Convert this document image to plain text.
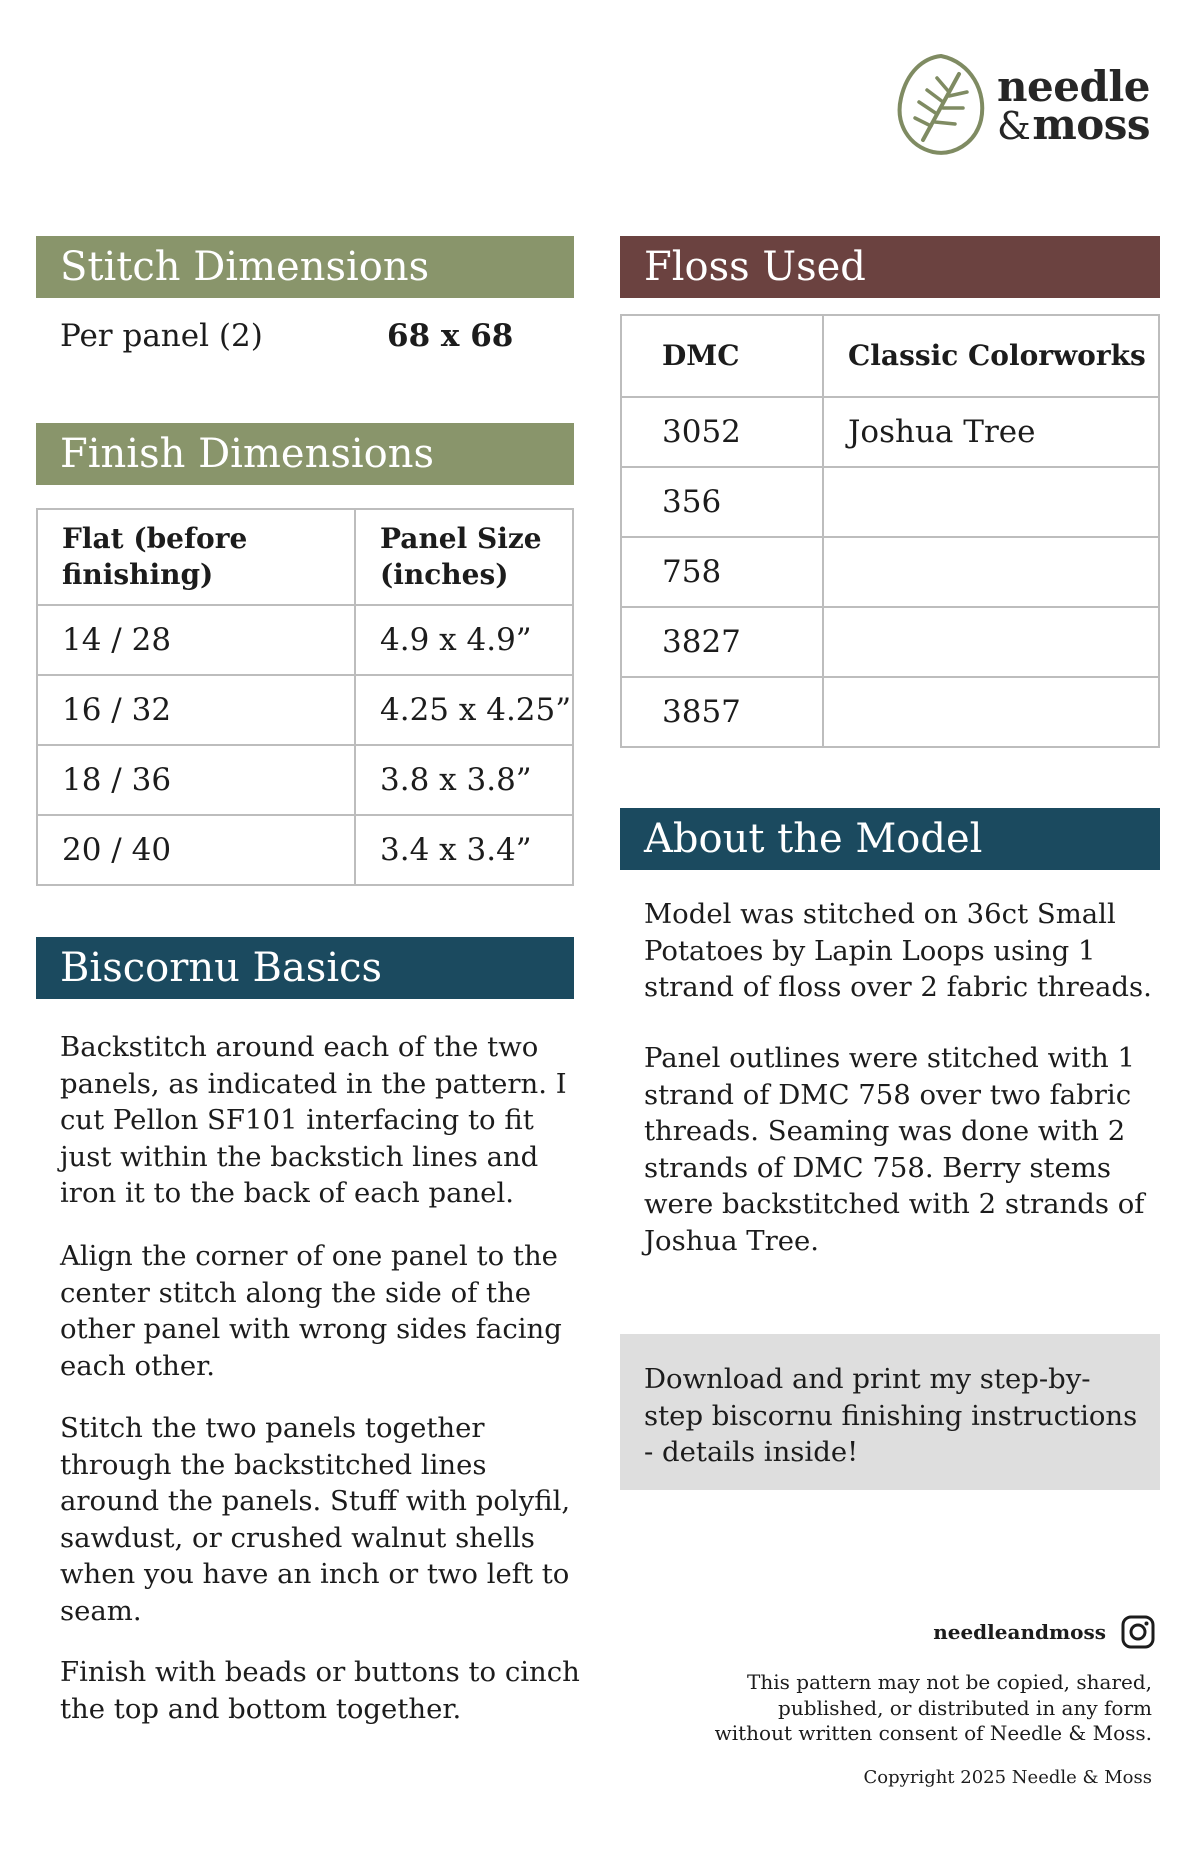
needle
&moss
Stitch Dimensions
Per panel (2)	68 x 68
Finish Dimensions
Flat (before finishing)	Panel Size (inches)
14 / 28	4.9 x 4.9”
16 / 32	4.25 x 4.25”
18 / 36	3.8 x 3.8”
20 / 40	3.4 x 3.4”
Biscornu Basics
Backstitch around each of the two panels, as indicated in the pattern. I cut Pellon SF101 interfacing to fit just within the backstich lines and iron it to the back of each panel.
Align the corner of one panel to the center stitch along the side of the other panel with wrong sides facing each other.
Stitch the two panels together through the backstitched lines around the panels. Stuff with polyfil, sawdust, or crushed walnut shells when you have an inch or two left to seam.
Finish with beads or buttons to cinch the top and bottom together.
Floss Used
DMC	Classic Colorworks
3052	Joshua Tree
356	
758	
3827	
3857	
About the Model
Model was stitched on 36ct Small Potatoes by Lapin Loops using 1 strand of floss over 2 fabric threads.
Panel outlines were stitched with 1 strand of DMC 758 over two fabric threads. Seaming was done with 2 strands of DMC 758. Berry stems were backstitched with 2 strands of Joshua Tree.
Download and print my step-by-step biscornu finishing instructions - details inside!
needleandmoss
This pattern may not be copied, shared,
published, or distributed in any form
without written consent of Needle & Moss.
Copyright 2025 Needle & Moss
